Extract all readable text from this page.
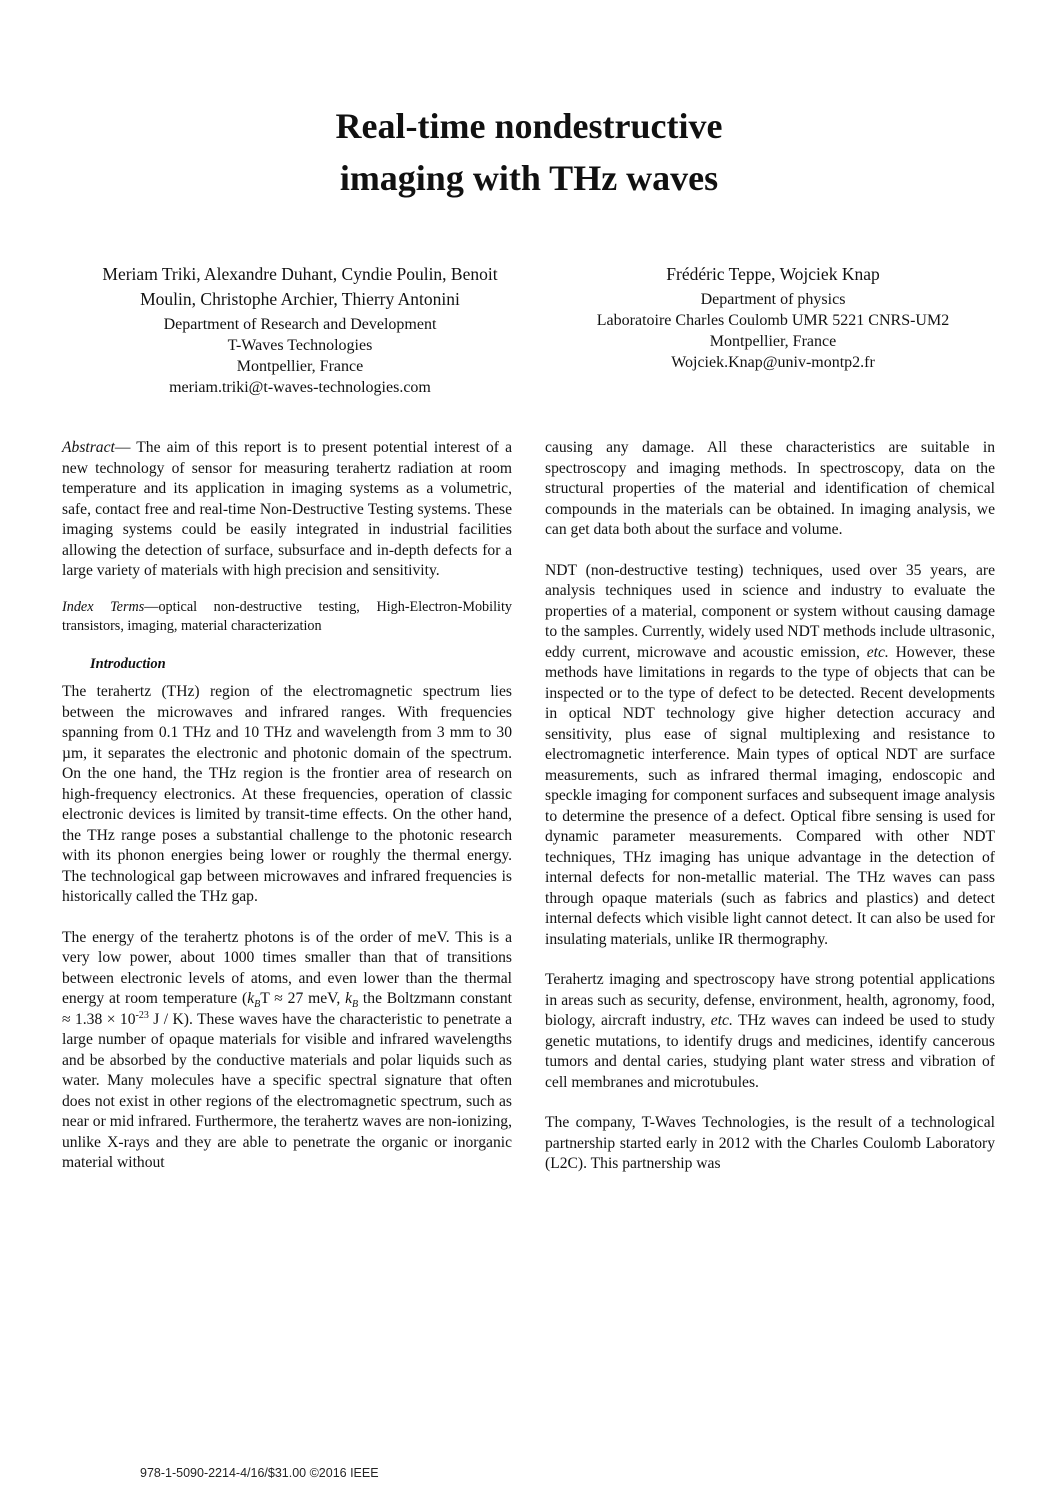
Real-time nondestructive
imaging with THz waves
Meriam Triki, Alexandre Duhant, Cyndie Poulin, Benoit
Moulin, Christophe Archier, Thierry Antonini
Department of Research and Development
T-Waves Technologies
Montpellier, France
meriam.triki@t-waves-technologies.com
Frédéric Teppe, Wojciek Knap
Department of physics
Laboratoire Charles Coulomb UMR 5221 CNRS-UM2
Montpellier, France
Wojciek.Knap@univ-montp2.fr

Abstract— The aim of this report is to present potential interest of a new technology of sensor for measuring terahertz radiation at room temperature and its application in imaging systems as a volumetric, safe, contact free and real-time Non-Destructive Testing systems. These imaging systems could be easily integrated in industrial facilities allowing the detection of surface, subsurface and in-depth defects for a large variety of materials with high precision and sensitivity.

Index Terms—optical non-destructive testing, High-Electron-Mobility transistors, imaging, material characterization

Introduction

The terahertz (THz) region of the electromagnetic spectrum lies between the microwaves and infrared ranges. With frequencies spanning from 0.1 THz and 10 THz and wavelength from 3 mm to 30 µm, it separates the electronic and photonic domain of the spectrum. On the one hand, the THz region is the frontier area of research on high-frequency electronics. At these frequencies, operation of classic electronic devices is limited by transit-time effects. On the other hand, the THz range poses a substantial challenge to the photonic research with its phonon energies being lower or roughly the thermal energy. The technological gap between microwaves and infrared frequencies is historically called the THz gap.

The energy of the terahertz photons is of the order of meV. This is a very low power, about 1000 times smaller than that of transitions between electronic levels of atoms, and even lower than the thermal energy at room temperature ($k_BT \approx 27$ meV, $k_B$ the Boltzmann constant ≈ $1.38 \times 10^{-23}$ J / K). These waves have the characteristic to penetrate a large number of opaque materials for visible and infrared wavelengths and be absorbed by the conductive materials and polar liquids such as water. Many molecules have a specific spectral signature that often does not exist in other regions of the electromagnetic spectrum, such as near or mid infrared. Furthermore, the terahertz waves are non-ionizing, unlike X-rays and they are able to penetrate the organic or inorganic material without

causing any damage. All these characteristics are suitable in spectroscopy and imaging methods. In spectroscopy, data on the structural properties of the material and identification of chemical compounds in the materials can be obtained. In imaging analysis, we can get data both about the surface and volume.

NDT (non-destructive testing) techniques, used over 35 years, are analysis techniques used in science and industry to evaluate the properties of a material, component or system without causing damage to the samples. Currently, widely used NDT methods include ultrasonic, eddy current, microwave and acoustic emission, etc. However, these methods have limitations in regards to the type of objects that can be inspected or to the type of defect to be detected. Recent developments in optical NDT technology give higher detection accuracy and sensitivity, plus ease of signal multiplexing and resistance to electromagnetic interference. Main types of optical NDT are surface measurements, such as infrared thermal imaging, endoscopic and speckle imaging for component surfaces and subsequent image analysis to determine the presence of a defect. Optical fibre sensing is used for dynamic parameter measurements. Compared with other NDT techniques, THz imaging has unique advantage in the detection of internal defects for non-metallic material. The THz waves can pass through opaque materials (such as fabrics and plastics) and detect internal defects which visible light cannot detect. It can also be used for insulating materials, unlike IR thermography.

Terahertz imaging and spectroscopy have strong potential applications in areas such as security, defense, environment, health, agronomy, food, biology, aircraft industry, etc. THz waves can indeed be used to study genetic mutations, to identify drugs and medicines, identify cancerous tumors and dental caries, studying plant water stress and vibration of cell membranes and microtubules.

The company, T-Waves Technologies, is the result of a technological partnership started early in 2012 with the Charles Coulomb Laboratory (L2C). This partnership was

978-1-5090-2214-4/16/$31.00 ©2016 IEEE
